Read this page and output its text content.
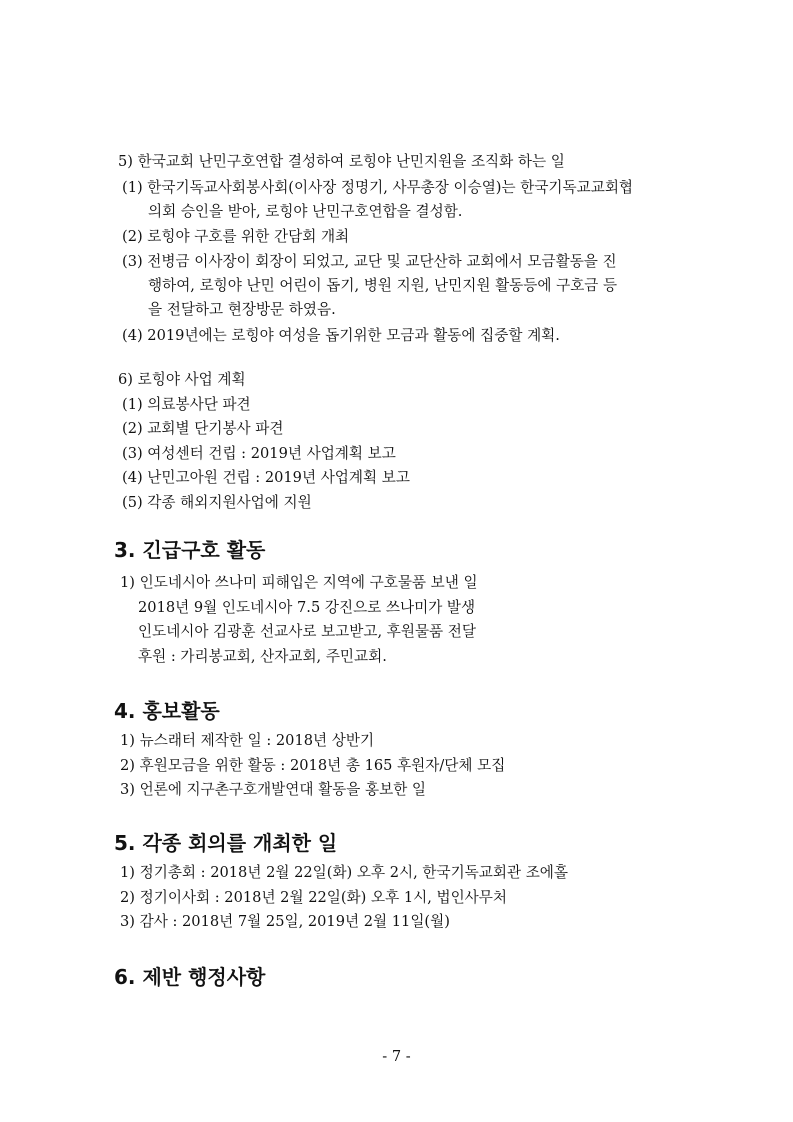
5) 한국교회 난민구호연합 결성하여 로힝야 난민지원을 조직화 하는 일
(1) 한국기독교사회봉사회(이사장 정명기, 사무총장 이승열)는 한국기독교교회협
의회 승인을 받아, 로힝야 난민구호연합을 결성함.
(2) 로힝야 구호를 위한 간담회 개최
(3) 전병금 이사장이 회장이 되었고, 교단 및 교단산하 교회에서 모금활동을 진
행하여, 로힝야 난민 어린이 돕기, 병원 지원, 난민지원 활동등에 구호금 등
을 전달하고 현장방문 하였음.
(4) 2019년에는 로힝야 여성을 돕기위한 모금과 활동에 집중할 계획.
6) 로힝야 사업 계획
(1) 의료봉사단 파견
(2) 교회별 단기봉사 파견
(3) 여성센터 건립 : 2019년 사업계획 보고
(4) 난민고아원 건립 : 2019년 사업계획 보고
(5) 각종 해외지원사업에 지원
3. 긴급구호 활동
1) 인도네시아 쓰나미 피해입은 지역에 구호물품 보낸 일
2018년 9월 인도네시아 7.5 강진으로 쓰나미가 발생
인도네시아 김광훈 선교사로 보고받고, 후원물품 전달
후원 : 가리봉교회, 산자교회, 주민교회.
4. 홍보활동
1) 뉴스래터 제작한 일 : 2018년 상반기
2) 후원모금을 위한 활동 : 2018년 총 165 후원자/단체 모집
3) 언론에 지구촌구호개발연대 활동을 홍보한 일
5. 각종 회의를 개최한 일
1) 정기총회 : 2018년 2월 22일(화) 오후 2시, 한국기독교회관 조에홀
2) 정기이사회 : 2018년 2월 22일(화) 오후 1시, 법인사무처
3) 감사 : 2018년 7월 25일, 2019년 2월 11일(월)
6. 제반 행정사항
- 7 -
